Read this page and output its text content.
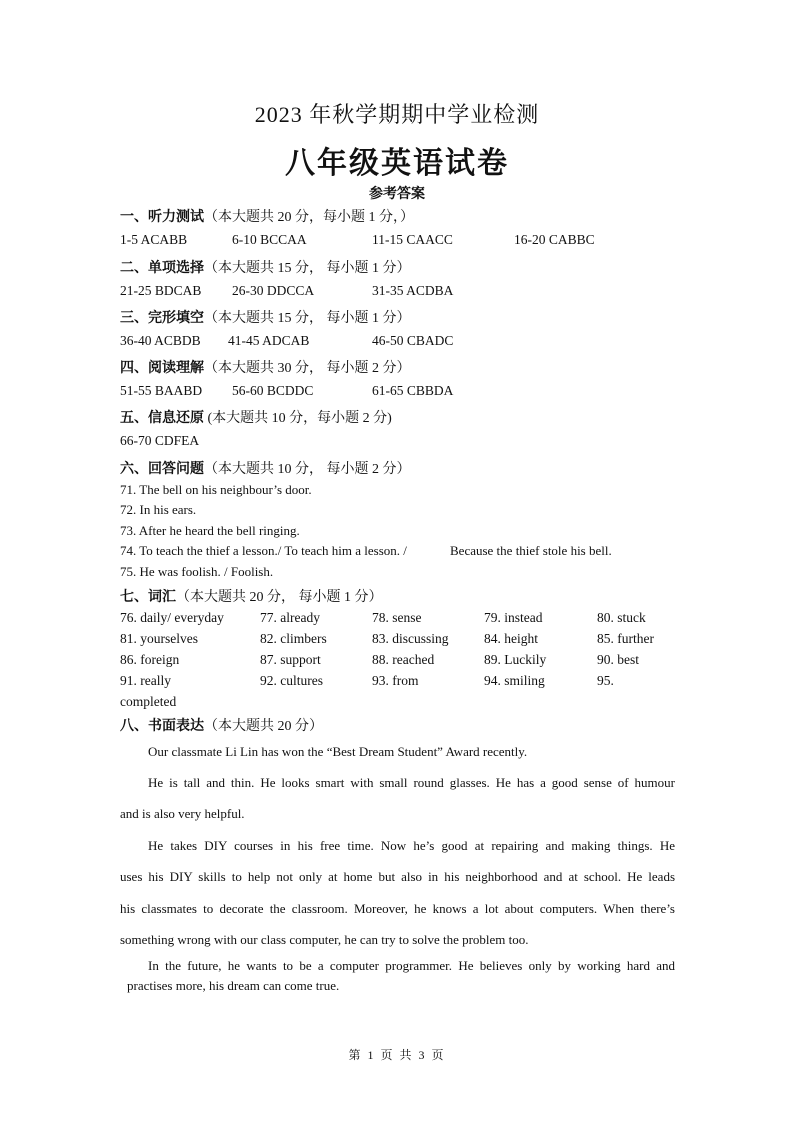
2023 年秋学期期中学业检测
八年级英语试卷
参考答案
一、听力测试（本大题共 20 分，每小题 1 分，）
1-5 ACABB	6-10 BCCAA	11-15 CAACC	16-20 CABBC
二、单项选择（本大题共 15 分， 每小题 1 分）
21-25 BDCAB 26-30 DDCCA	31-35 ACDBA
三、完形填空（本大题共 15 分， 每小题 1 分）
36-40 ACBDB 41-45 ADCAB	46-50 CBADC
四、阅读理解（本大题共 30 分， 每小题 2 分）
51-55 BAABD 56-60 BCDDC	61-65 CBBDA
五、信息还原 (本大题共 10 分，每小题 2 分)
66-70 CDFEA
六、回答问题（本大题共 10 分， 每小题 2 分）
71. The bell on his neighbour’s door.
72. In his ears.
73. After he heard the bell ringing.
74. To teach the thief a lesson./ To teach him a lesson. /	Because the thief stole his bell.
75. He was foolish. / Foolish.
七、词汇（本大题共 20 分， 每小题 1 分）
76. daily/ everyday	77. already	78. sense	79. instead	80. stuck
81. yourselves	82. climbers	83. discussing	84. height	85. further
86. foreign	87. support	88. reached	89. Luckily	90. best
91. really	92. cultures	93. from	94. smiling	95.
completed
八、书面表达（本大题共 20 分）
Our classmate Li Lin has won the “Best Dream Student” Award recently.
He is tall and thin. He looks smart with small round glasses. He has a good sense of humour
and is also very helpful.
He takes DIY courses in his free time. Now he’s good at repairing and making things. He
uses his DIY skills to help not only at home but also in his neighborhood and at school. He leads
his classmates to decorate the classroom. Moreover, he knows a lot about computers. When there’s
something wrong with our class computer, he can try to solve the problem too.
In the future, he wants to be a computer programmer. He believes only by working hard and
practises more, his dream can come true.
第 1 页 共 3 页
